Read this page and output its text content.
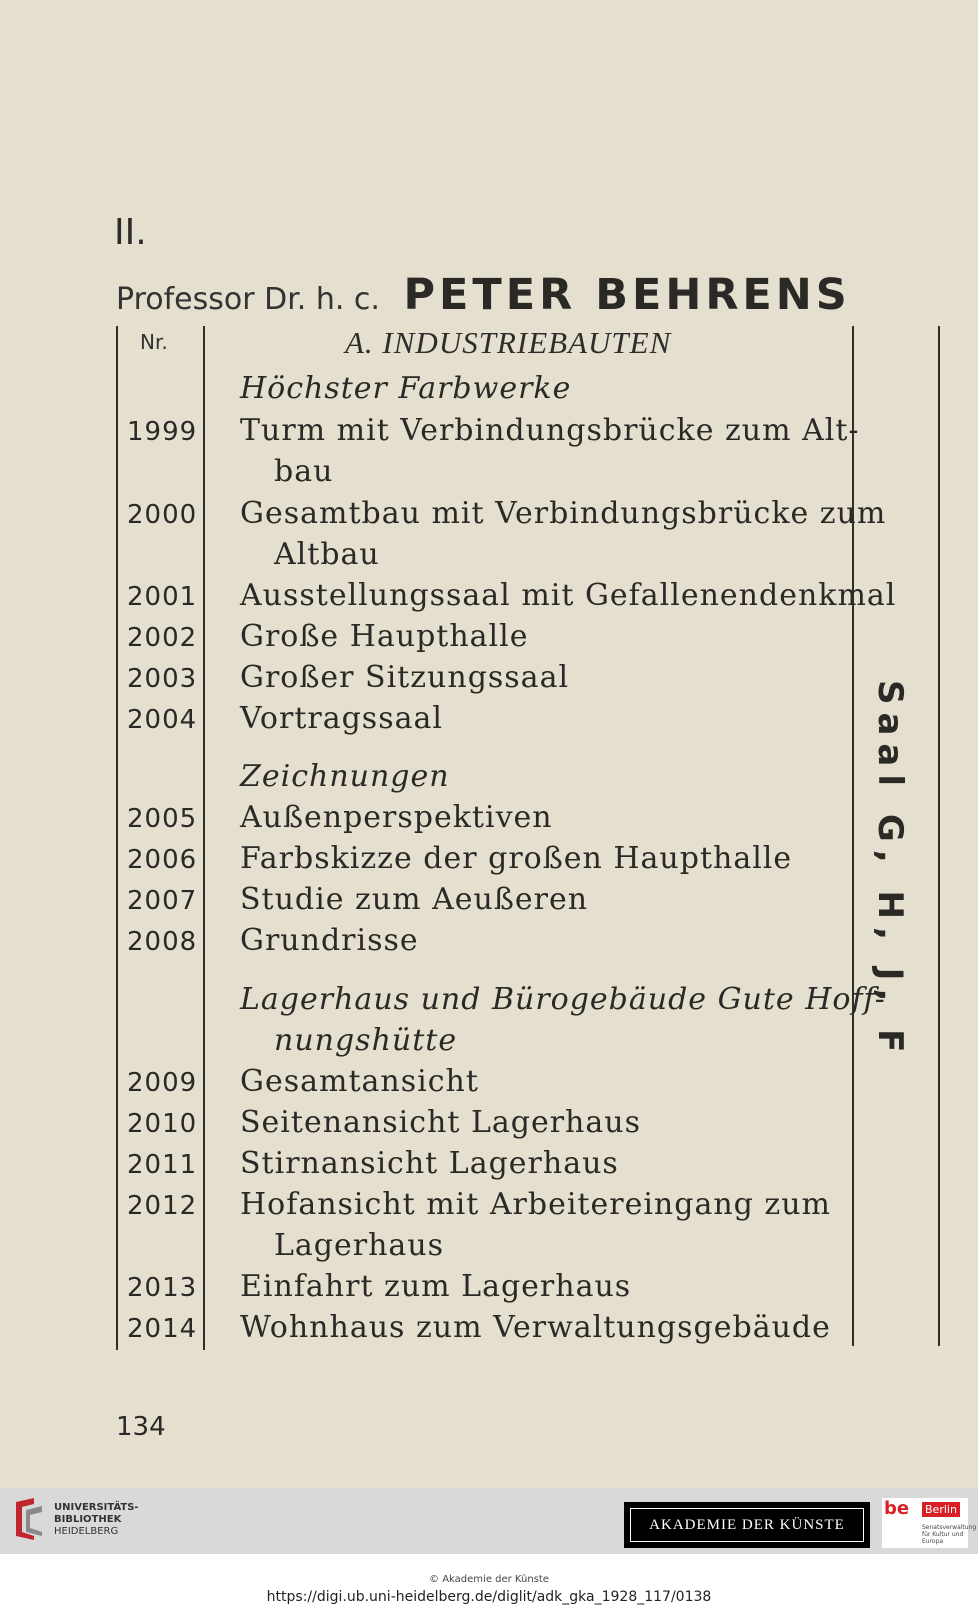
II.
Professor Dr. h. c. PETER BEHRENS
Nr.	A. INDUSTRIEBAUTEN
Höchster Farbwerke
1999 Turm mit Verbindungsbrücke zum Alt-
bau
2000 Gesamtbau mit Verbindungsbrücke zum
Altbau
2001 Ausstellungssaal mit Gefallenendenkmal
2002 Große Haupthalle
2003 Großer Sitzungssaal
2004 Vortragssaal
Zeichnungen
2005 Außenperspektiven
2006 Farbskizze der großen Haupthalle
2007 Studie zum Aeußeren
2008 Grundrisse
Lagerhaus und Bürogebäude Gute Hoff-
nungshütte
2009 Gesamtansicht
2010 Seitenansicht Lagerhaus
2011 Stirnansicht Lagerhaus
2012 Hofansicht mit Arbeitereingang zum
Lagerhaus
2013 Einfahrt zum Lagerhaus
2014 Wohnhaus zum Verwaltungsgebäude
Saal G, H, J, F
134
UNIVERSITÄTS-
BIBLIOTHEK
HEIDELBERG	AKADEMIE DER KÜNSTE
be Berlin
Senatsverwaltung
für Kultur und Europa
© Akademie der Künste
https://digi.ub.uni-heidelberg.de/diglit/adk_gka_1928_117/0138
